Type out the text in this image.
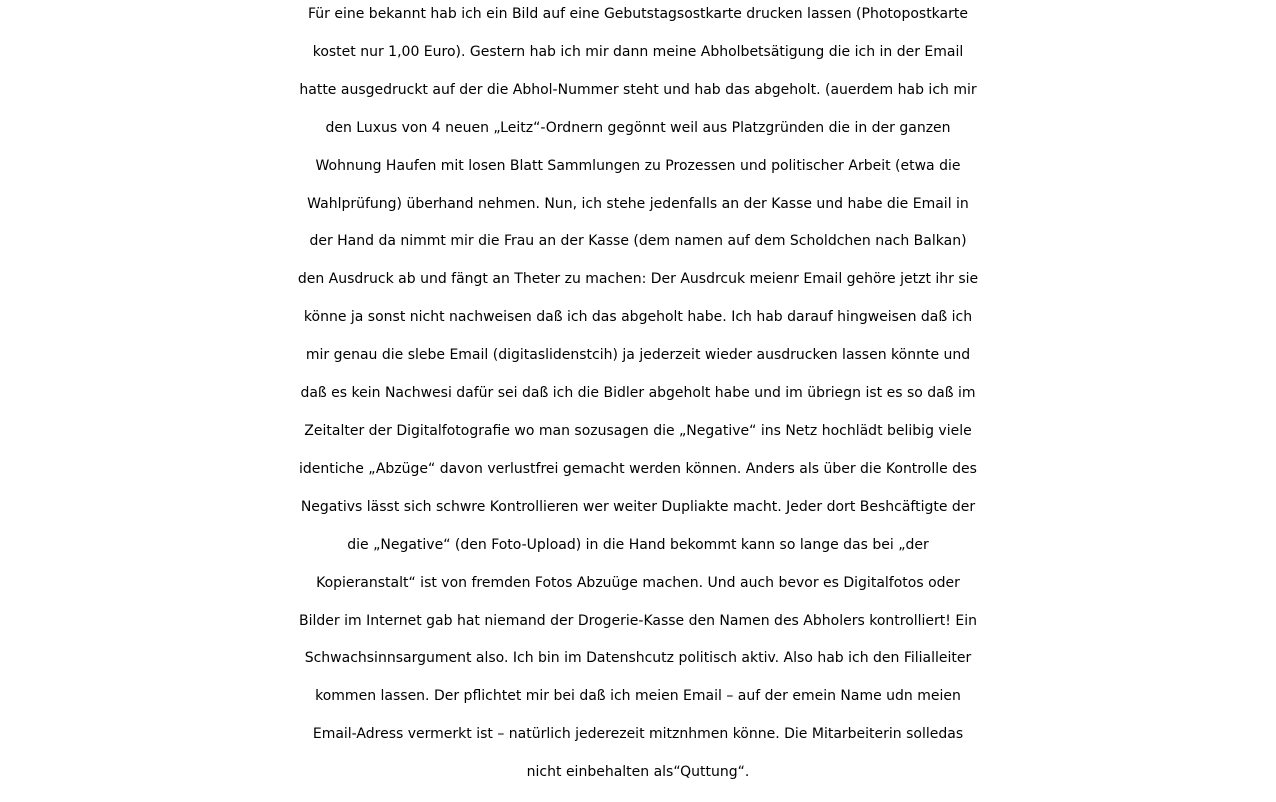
Für eine bekannt hab ich ein Bild auf eine Gebutstagsostkarte drucken lassen (Photopostkarte
kostet nur 1,00 Euro). Gestern hab ich mir dann meine Abholbetsätigung die ich in der Email
hatte ausgedruckt auf der die Abhol-Nummer steht und hab das abgeholt. (auerdem hab ich mir
den Luxus von 4 neuen „Leitz“-Ordnern gegönnt weil aus Platzgründen die in der ganzen
Wohnung Haufen mit losen Blatt Sammlungen zu Prozessen und politischer Arbeit (etwa die
Wahlprüfung) überhand nehmen. Nun, ich stehe jedenfalls an der Kasse und habe die Email in
der Hand da nimmt mir die Frau an der Kasse (dem namen auf dem Scholdchen nach Balkan)
den Ausdruck ab und fängt an Theter zu machen: Der Ausdrcuk meienr Email gehöre jetzt ihr sie
könne ja sonst nicht nachweisen daß ich das abgeholt habe. Ich hab darauf hingweisen daß ich
mir genau die slebe Email (digitaslidenstcih) ja jederzeit wieder ausdrucken lassen könnte und
daß es kein Nachwesi dafür sei daß ich die Bidler abgeholt habe und im übriegn ist es so daß im
Zeitalter der Digitalfotografie wo man sozusagen die „Negative“ ins Netz hochlädt belibig viele
identiche „Abzüge“ davon verlustfrei gemacht werden können. Anders als über die Kontrolle des
Negativs lässt sich schwre Kontrollieren wer weiter Dupliakte macht. Jeder dort Beshcäftigte der
die „Negative“ (den Foto-Upload) in die Hand bekommt kann so lange das bei „der
Kopieranstalt“ ist von fremden Fotos Abzuüge machen. Und auch bevor es Digitalfotos oder
Bilder im Internet gab hat niemand der Drogerie-Kasse den Namen des Abholers kontrolliert! Ein
Schwachsinnsargument also. Ich bin im Datenshcutz politisch aktiv. Also hab ich den Filialleiter
kommen lassen. Der pflichtet mir bei daß ich meien Email – auf der emein Name udn meien
Email-Adress vermerkt ist – natürlich jederezeit mitznhmen könne. Die Mitarbeiterin solledas
nicht einbehalten als“Quttung“.
